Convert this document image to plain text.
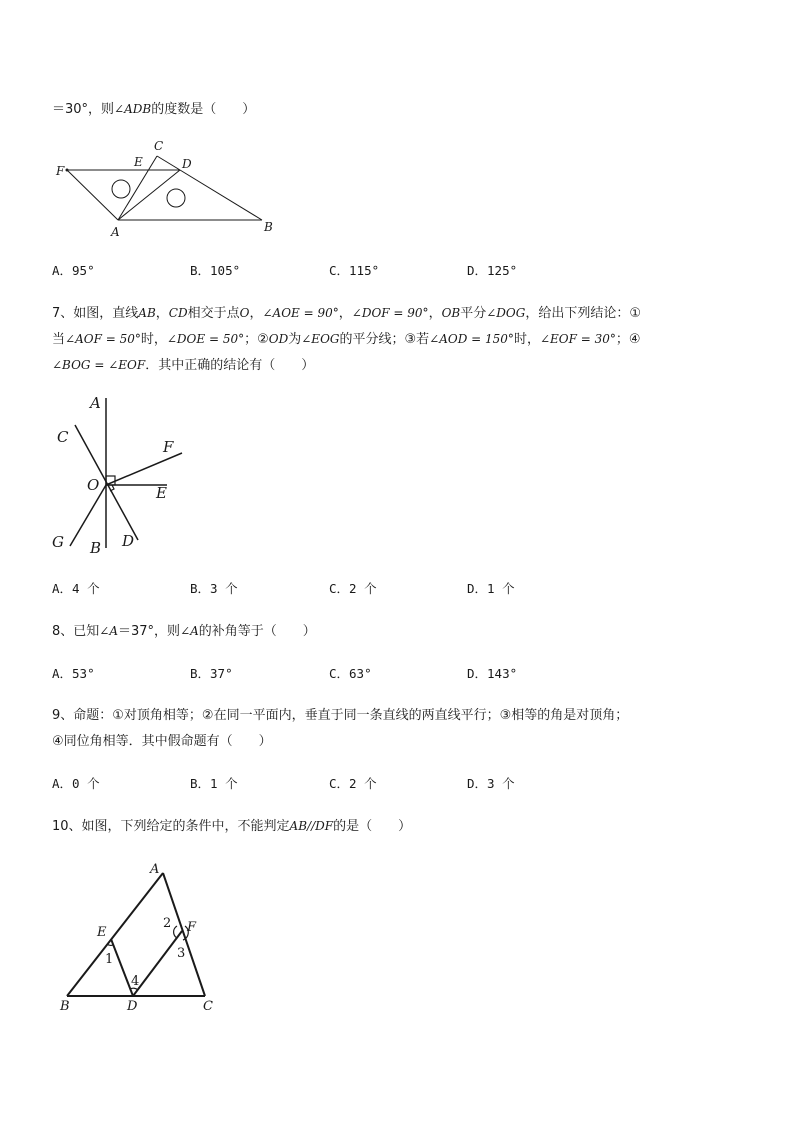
＝30°，则∠ADB的度数是（　　）
F
E
C
D
A	B
A．95°	B．105°	C．115°	D．125°
7、如图，直线AB，CD相交于点O，∠AOE = 90°，∠DOF = 90°，OB平分∠DOG，给出下列结论：①
当∠AOF = 50°时，∠DOE = 50°；②OD为∠EOG的平分线；③若∠AOD = 150°时，∠EOF = 30°；④
∠BOG = ∠EOF．其中正确的结论有（　　）
A
C
F
O	E
G B D
A．4 个	B．3 个	C．2 个	D．1 个
8、已知∠A＝37°，则∠A的补角等于（　　）
A．53°	B．37°	C．63°	D．143°
9、命题：①对顶角相等；②在同一平面内，垂直于同一条直线的两直线平行；③相等的角是对顶角；
④同位角相等．其中假命题有（　　）
A．0 个	B．1 个	C．2 个	D．3 个
10、如图，下列给定的条件中，不能判定AB//DF的是（　　）
A
E	F
B	D	C
1
2
3
4
